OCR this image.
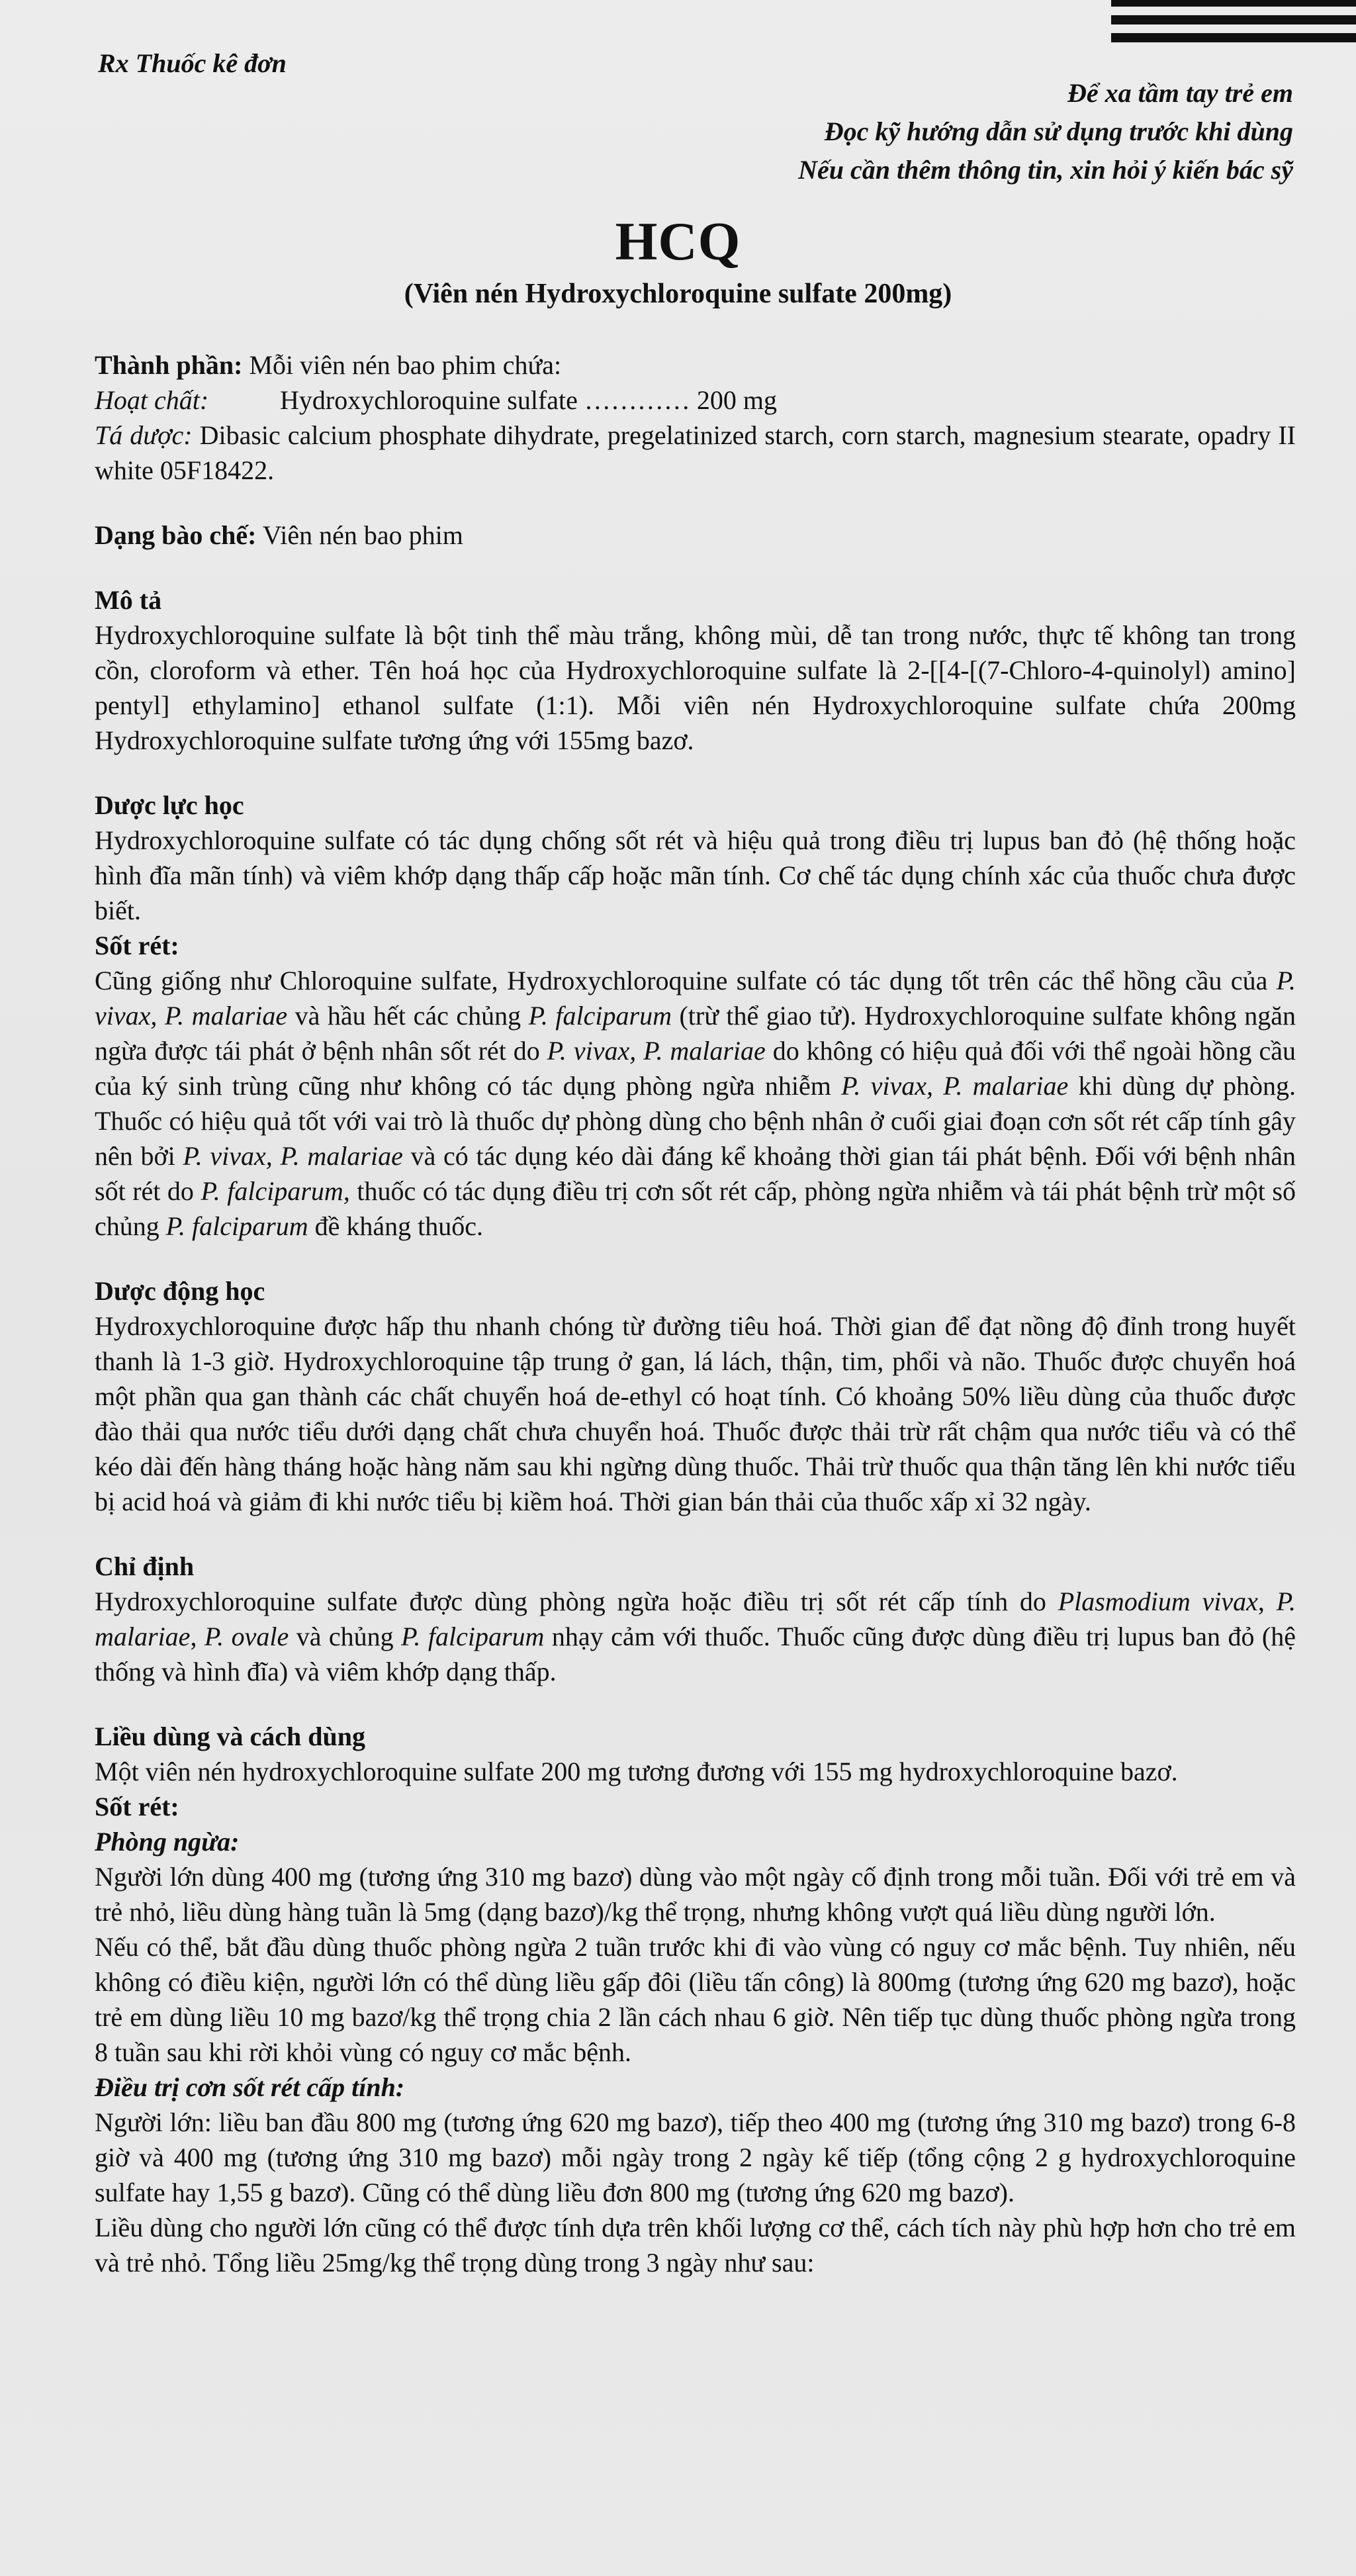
Rx Thuốc kê đơn
Để xa tầm tay trẻ em
Đọc kỹ hướng dẫn sử dụng trước khi dùng
Nếu cần thêm thông tin, xin hỏi ý kiến bác sỹ
HCQ
(Viên nén Hydroxychloroquine sulfate 200mg)

Thành phần: Mỗi viên nén bao phim chứa:

Hoạt chất:	Hydroxychloroquine sulfate ………… 200 mg

Tá dược: Dibasic calcium phosphate dihydrate, pregelatinized starch, corn starch, magnesium stearate, opadry II white 05F18422.

Dạng bào chế: Viên nén bao phim

Mô tả

Hydroxychloroquine sulfate là bột tinh thể màu trắng, không mùi, dễ tan trong nước, thực tế không tan trong cồn, cloroform và ether. Tên hoá học của Hydroxychloroquine sulfate là 2-[[4-[(7-Chloro-4-quinolyl) amino] pentyl] ethylamino] ethanol sulfate (1:1). Mỗi viên nén Hydroxychloroquine sulfate chứa 200mg Hydroxychloroquine sulfate tương ứng với 155mg bazơ.

Dược lực học

Hydroxychloroquine sulfate có tác dụng chống sốt rét và hiệu quả trong điều trị lupus ban đỏ (hệ thống hoặc hình đĩa mãn tính) và viêm khớp dạng thấp cấp hoặc mãn tính. Cơ chế tác dụng chính xác của thuốc chưa được biết.

Sốt rét:

Cũng giống như Chloroquine sulfate, Hydroxychloroquine sulfate có tác dụng tốt trên các thể hồng cầu của P. vivax, P. malariae và hầu hết các chủng P. falciparum (trừ thể giao tử). Hydroxychloroquine sulfate không ngăn ngừa được tái phát ở bệnh nhân sốt rét do P. vivax, P. malariae do không có hiệu quả đối với thể ngoài hồng cầu của ký sinh trùng cũng như không có tác dụng phòng ngừa nhiễm P. vivax, P. malariae khi dùng dự phòng. Thuốc có hiệu quả tốt với vai trò là thuốc dự phòng dùng cho bệnh nhân ở cuối giai đoạn cơn sốt rét cấp tính gây nên bởi P. vivax, P. malariae và có tác dụng kéo dài đáng kể khoảng thời gian tái phát bệnh. Đối với bệnh nhân sốt rét do P. falciparum, thuốc có tác dụng điều trị cơn sốt rét cấp, phòng ngừa nhiễm và tái phát bệnh trừ một số chủng P. falciparum đề kháng thuốc.

Dược động học

Hydroxychloroquine được hấp thu nhanh chóng từ đường tiêu hoá. Thời gian để đạt nồng độ đỉnh trong huyết thanh là 1-3 giờ. Hydroxychloroquine tập trung ở gan, lá lách, thận, tim, phổi và não. Thuốc được chuyển hoá một phần qua gan thành các chất chuyển hoá de-ethyl có hoạt tính. Có khoảng 50% liều dùng của thuốc được đào thải qua nước tiểu dưới dạng chất chưa chuyển hoá. Thuốc được thải trừ rất chậm qua nước tiểu và có thể kéo dài đến hàng tháng hoặc hàng năm sau khi ngừng dùng thuốc. Thải trừ thuốc qua thận tăng lên khi nước tiểu bị acid hoá và giảm đi khi nước tiểu bị kiềm hoá. Thời gian bán thải của thuốc xấp xỉ 32 ngày.

Chỉ định

Hydroxychloroquine sulfate được dùng phòng ngừa hoặc điều trị sốt rét cấp tính do Plasmodium vivax, P. malariae, P. ovale và chủng P. falciparum nhạy cảm với thuốc. Thuốc cũng được dùng điều trị lupus ban đỏ (hệ thống và hình đĩa) và viêm khớp dạng thấp.

Liều dùng và cách dùng

Một viên nén hydroxychloroquine sulfate 200 mg tương đương với 155 mg hydroxychloroquine bazơ.

Sốt rét:

Phòng ngừa:

Người lớn dùng 400 mg (tương ứng 310 mg bazơ) dùng vào một ngày cố định trong mỗi tuần. Đối với trẻ em và trẻ nhỏ, liều dùng hàng tuần là 5mg (dạng bazơ)/kg thể trọng, nhưng không vượt quá liều dùng người lớn.

Nếu có thể, bắt đầu dùng thuốc phòng ngừa 2 tuần trước khi đi vào vùng có nguy cơ mắc bệnh. Tuy nhiên, nếu không có điều kiện, người lớn có thể dùng liều gấp đôi (liều tấn công) là 800mg (tương ứng 620 mg bazơ), hoặc trẻ em dùng liều 10 mg bazơ/kg thể trọng chia 2 lần cách nhau 6 giờ. Nên tiếp tục dùng thuốc phòng ngừa trong 8 tuần sau khi rời khỏi vùng có nguy cơ mắc bệnh.

Điều trị cơn sốt rét cấp tính:

Người lớn: liều ban đầu 800 mg (tương ứng 620 mg bazơ), tiếp theo 400 mg (tương ứng 310 mg bazơ) trong 6-8 giờ và 400 mg (tương ứng 310 mg bazơ) mỗi ngày trong 2 ngày kế tiếp (tổng cộng 2 g hydroxychloroquine sulfate hay 1,55 g bazơ). Cũng có thể dùng liều đơn 800 mg (tương ứng 620 mg bazơ).

Liều dùng cho người lớn cũng có thể được tính dựa trên khối lượng cơ thể, cách tích này phù hợp hơn cho trẻ em và trẻ nhỏ. Tổng liều 25mg/kg thể trọng dùng trong 3 ngày như sau:
